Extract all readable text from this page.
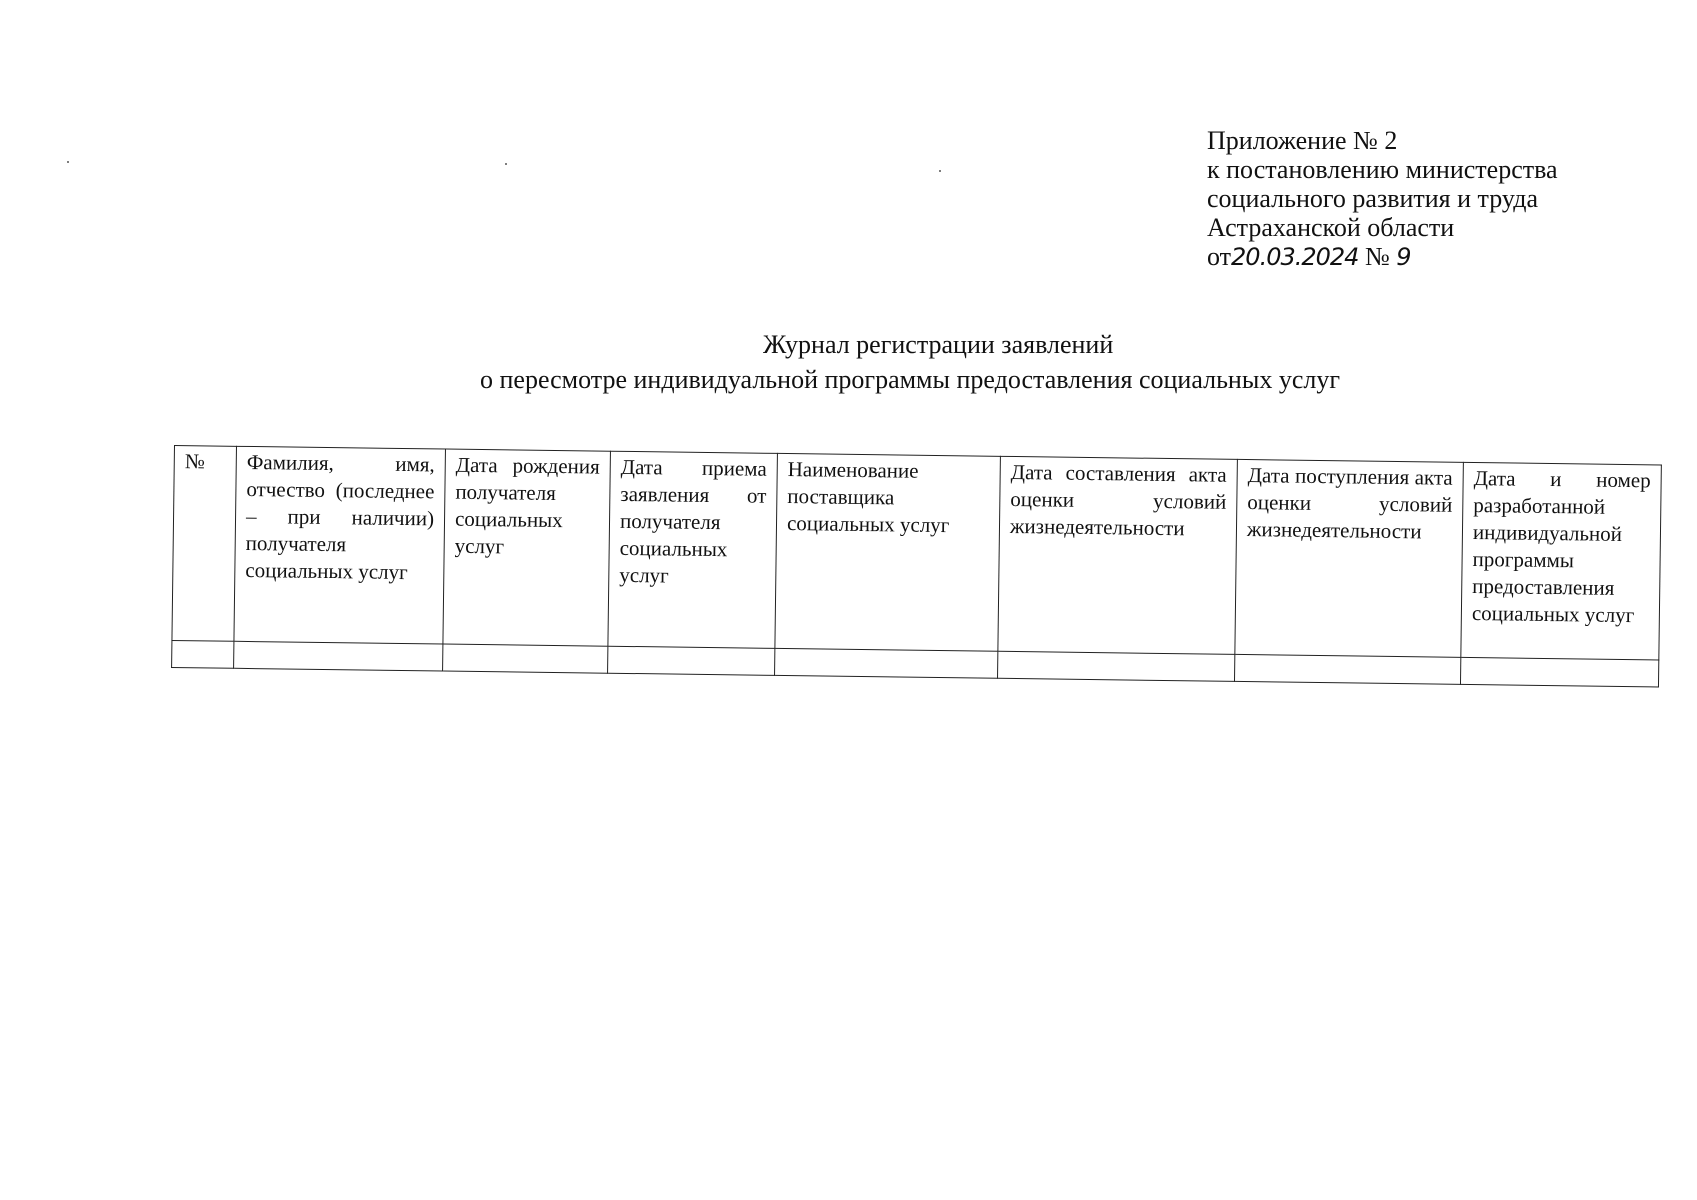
Приложение № 2
к постановлению министерства
социального развития и труда
Астраханской области
от20.03.2024 № 9
Журнал регистрации заявлений
о пересмотре индивидуальной программы предоставления социальных услуг
№	Фамилия, имя, отчество (последнее – при наличии) получателя социальных услуг	Дата рождения получателя социальных услуг	Дата приема заявления от получателя социальных услуг	Наименование поставщика социальных услуг	Дата составления акта оценки условий жизнедеятельности	Дата поступления акта оценки условий жизнедеятельности	Дата и номер разработанной индивидуальной программы предоставления социальных услуг
